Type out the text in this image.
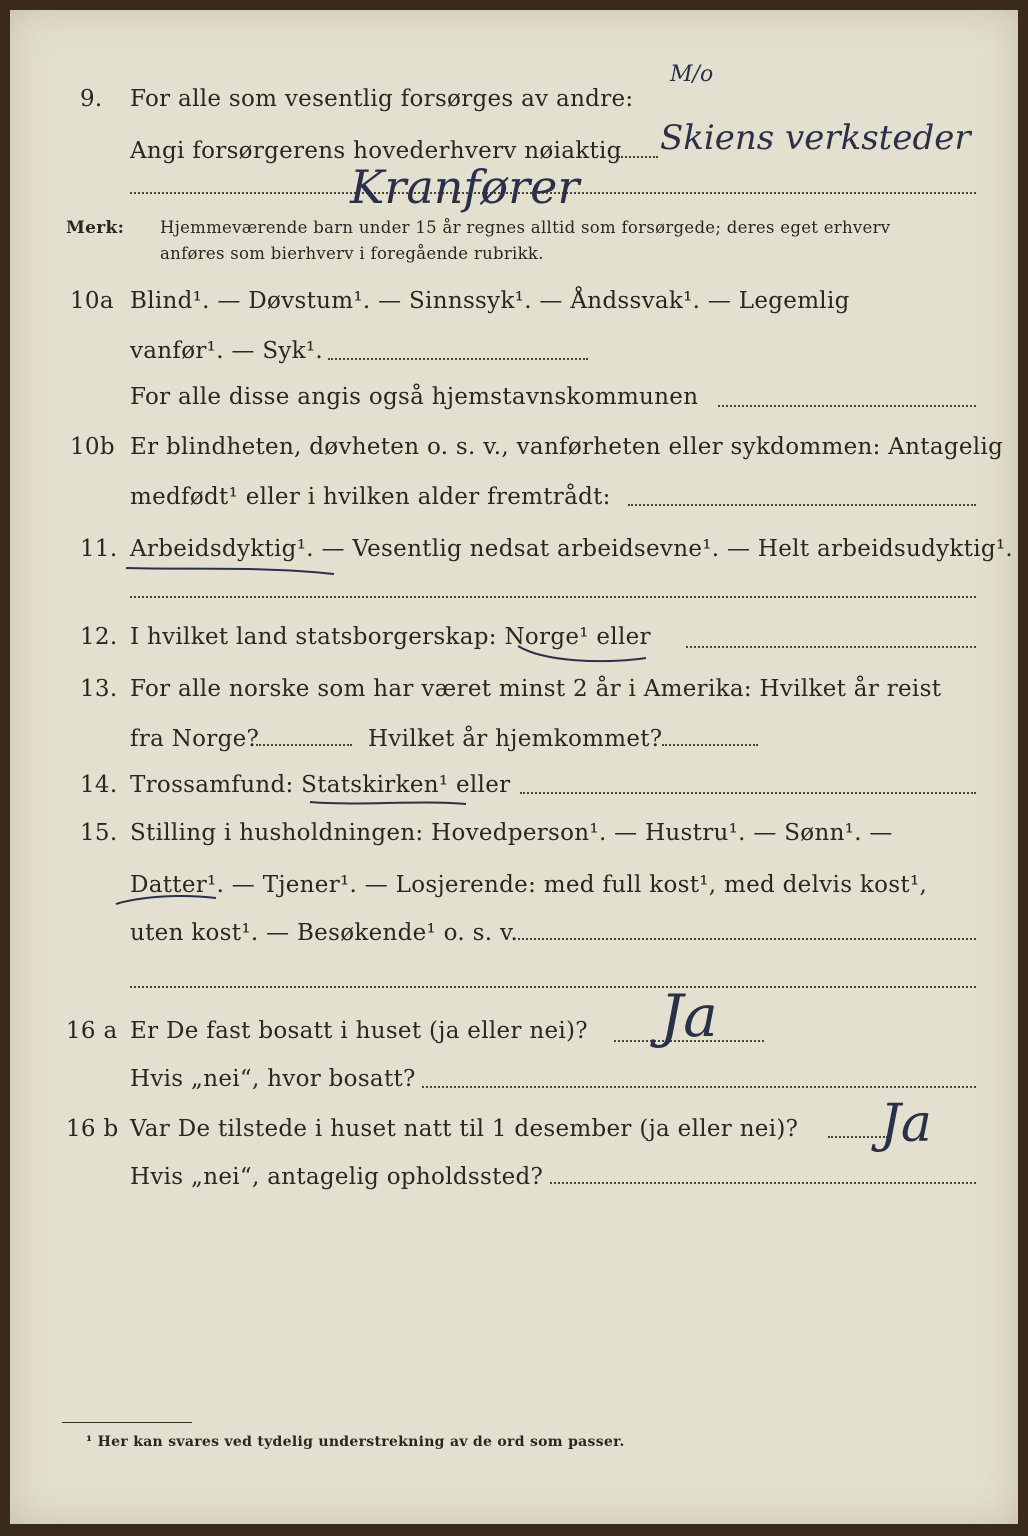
9. For alle som vesentlig forsørges av andre:
M/o
Angi forsørgerens hovederhverv nøiaktig Skiens verksteder
Kranfører
Merk: Hjemmeværende barn under 15 år regnes alltid som forsørgede; deres eget erhverv
anføres som bierhverv i foregående rubrikk.
10a Blind¹. — Døvstum¹. — Sinnssyk¹. — Åndssvak¹. — Legemlig
vanfør¹. — Syk¹.
For alle disse angis også hjemstavnskommunen
10b Er blindheten, døvheten o. s. v., vanførheten eller sykdommen: Antagelig
medfødt¹ eller i hvilken alder fremtrådt:
11. Arbeidsdyktig¹. — Vesentlig nedsat arbeidsevne¹. — Helt arbeidsudyktig¹.
12. I hvilket land statsborgerskap: Norge¹ eller
13. For alle norske som har været minst 2 år i Amerika: Hvilket år reist
fra Norge?	Hvilket år hjemkommet?
14. Trossamfund: Statskirken¹ eller
15. Stilling i husholdningen: Hovedperson¹. — Hustru¹. — Sønn¹. —
Datter¹. — Tjener¹. — Losjerende: med full kost¹, med delvis kost¹,
uten kost¹. — Besøkende¹ o. s. v.
16 a Er De fast bosatt i huset (ja eller nei)? Ja
Hvis „nei“, hvor bosatt?
16 b Var De tilstede i huset natt til 1 desember (ja eller nei)? Ja
Hvis „nei“, antagelig opholdssted?
¹ Her kan svares ved tydelig understrekning av de ord som passer.
